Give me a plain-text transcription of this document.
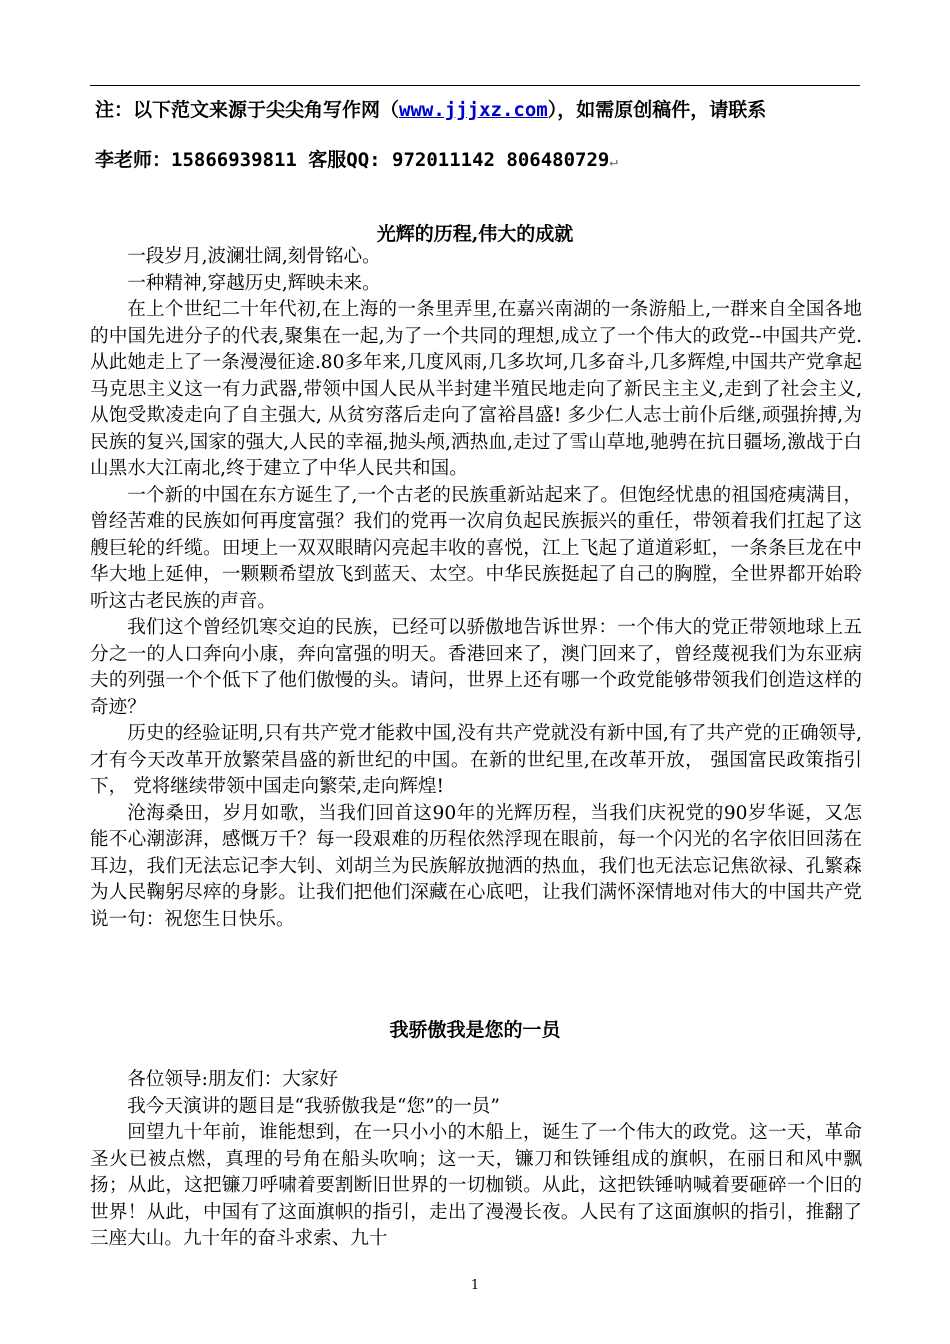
注：以下范文来源于尖尖角写作网（www.jjjxz.com），如需原创稿件，请联系
李老师：15866939811 客服QQ: 972011142 806480729↵
光辉的历程,伟大的成就

一段岁月,波澜壮阔,刻骨铭心。

一种精神,穿越历史,辉映未来。

在上个世纪二十年代初,在上海的一条里弄里,在嘉兴南湖的一条游船上,一群来自全国各地的中国先进分子的代表,聚集在一起,为了一个共同的理想,成立了一个伟大的政党--中国共产党.从此她走上了一条漫漫征途.80多年来,几度风雨,几多坎坷,几多奋斗,几多辉煌,中国共产党拿起马克思主义这一有力武器,带领中国人民从半封建半殖民地走向了新民主主义,走到了社会主义,从饱受欺凌走向了自主强大, 从贫穷落后走向了富裕昌盛! 多少仁人志士前仆后继,顽强拚搏,为民族的复兴,国家的强大,人民的幸福,抛头颅,洒热血,走过了雪山草地,驰骋在抗日疆场,激战于白山黑水大江南北,终于建立了中华人民共和国。

一个新的中国在东方诞生了,一个古老的民族重新站起来了。但饱经忧患的祖国疮痍满目，曾经苦难的民族如何再度富强？我们的党再一次肩负起民族振兴的重任，带领着我们扛起了这艘巨轮的纤缆。田埂上一双双眼睛闪亮起丰收的喜悦，江上飞起了道道彩虹，一条条巨龙在中华大地上延伸，一颗颗希望放飞到蓝天、太空。中华民族挺起了自己的胸膛，全世界都开始聆听这古老民族的声音。

我们这个曾经饥寒交迫的民族，已经可以骄傲地告诉世界：一个伟大的党正带领地球上五分之一的人口奔向小康，奔向富强的明天。香港回来了，澳门回来了，曾经蔑视我们为东亚病夫的列强一个个低下了他们傲慢的头。请问，世界上还有哪一个政党能够带领我们创造这样的奇迹？

历史的经验证明,只有共产党才能救中国,没有共产党就没有新中国,有了共产党的正确领导,才有今天改革开放繁荣昌盛的新世纪的中国。在新的世纪里,在改革开放， 强国富民政策指引下， 党将继续带领中国走向繁荣,走向辉煌!

沧海桑田，岁月如歌，当我们回首这90年的光辉历程，当我们庆祝党的90岁华诞，又怎能不心潮澎湃，感慨万千？每一段艰难的历程依然浮现在眼前，每一个闪光的名字依旧回荡在耳边，我们无法忘记李大钊、刘胡兰为民族解放抛洒的热血，我们也无法忘记焦欲禄、孔繁森为人民鞠躬尽瘁的身影。让我们把他们深藏在心底吧，让我们满怀深情地对伟大的中国共产党说一句：祝您生日快乐。

我骄傲我是您的一员

各位领导:朋友们：大家好

我今天演讲的题目是“我骄傲我是“您”的一员”

回望九十年前，谁能想到，在一只小小的木船上，诞生了一个伟大的政党。这一天，革命圣火已被点燃，真理的号角在船头吹响；这一天，镰刀和铁锤组成的旗帜，在丽日和风中飘扬；从此，这把镰刀呼啸着要割断旧世界的一切枷锁。从此，这把铁锤呐喊着要砸碎一个旧的世界！从此，中国有了这面旗帜的指引，走出了漫漫长夜。人民有了这面旗帜的指引，推翻了三座大山。九十年的奋斗求索、九十

1
